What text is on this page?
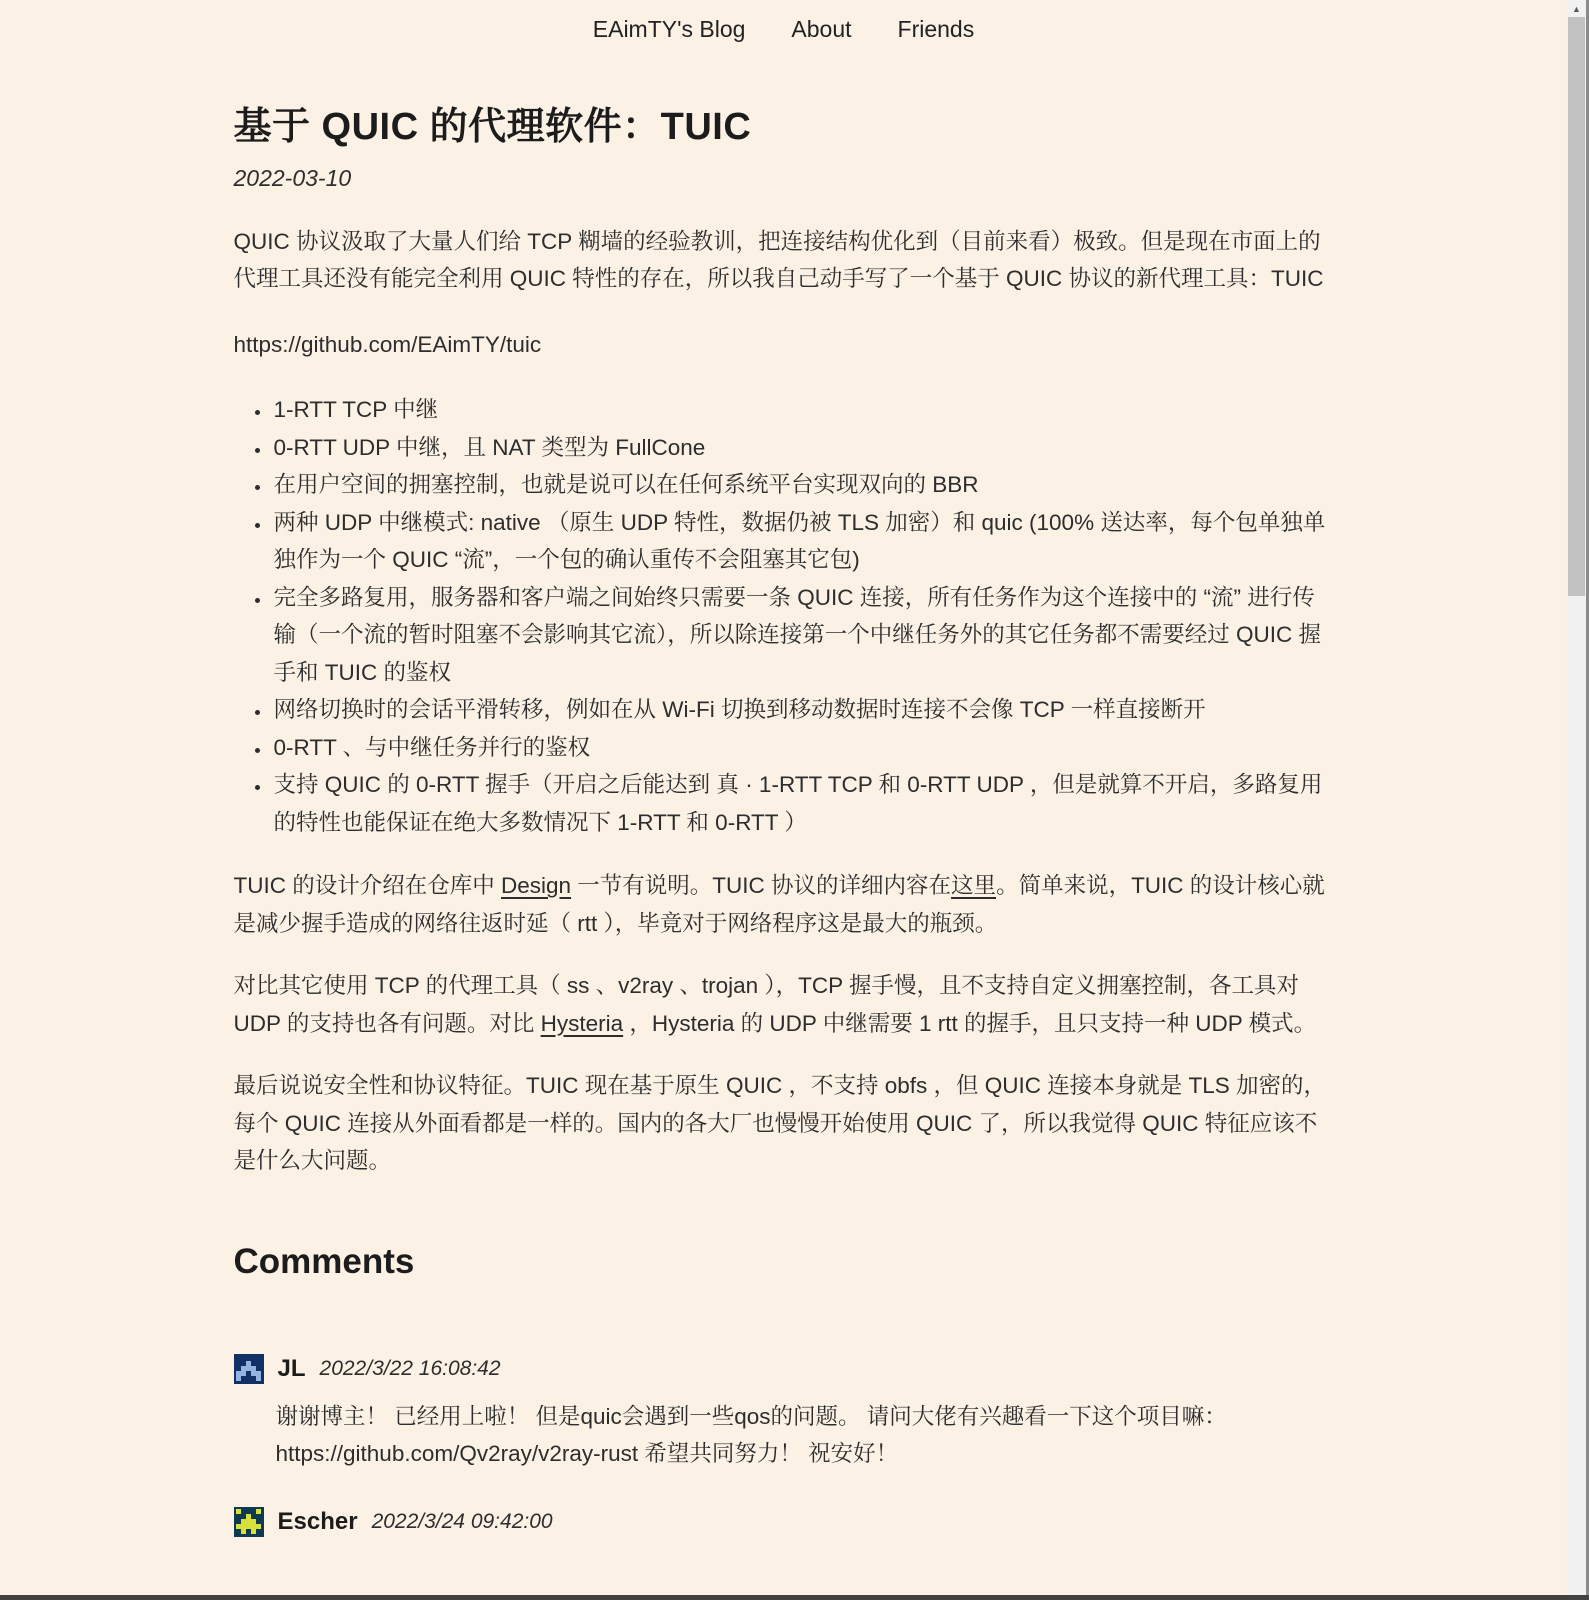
EAimTY's Blog About Friends
基于 QUIC 的代理软件：TUIC

2022-03-10

QUIC 协议汲取了大量人们给 TCP 糊墙的经验教训，把连接结构优化到（目前来看）极致。但是现在市面上的代理工具还没有能完全利用 QUIC 特性的存在，所以我自己动手写了一个基于 QUIC 协议的新代理工具：TUIC

https://github.com/EAimTY/tuic

• 1-RTT TCP 中继
• 0-RTT UDP 中继，且 NAT 类型为 FullCone
• 在用户空间的拥塞控制，也就是说可以在任何系统平台实现双向的 BBR
• 两种 UDP 中继模式: native （原生 UDP 特性，数据仍被 TLS 加密）和 quic (100% 送达率，每个包单独单独作为一个 QUIC “流”，一个包的确认重传不会阻塞其它包)
• 完全多路复用，服务器和客户端之间始终只需要一条 QUIC 连接，所有任务作为这个连接中的 “流” 进行传输（一个流的暂时阻塞不会影响其它流），所以除连接第一个中继任务外的其它任务都不需要经过 QUIC 握手和 TUIC 的鉴权
• 网络切换时的会话平滑转移，例如在从 Wi-Fi 切换到移动数据时连接不会像 TCP 一样直接断开
• 0-RTT 、与中继任务并行的鉴权
• 支持 QUIC 的 0-RTT 握手（开启之后能达到 真 · 1-RTT TCP 和 0-RTT UDP ，但是就算不开启，多路复用的特性也能保证在绝大多数情况下 1-RTT 和 0-RTT ）

TUIC 的设计介绍在仓库中 Design 一节有说明。TUIC 协议的详细内容在这里。简单来说，TUIC 的设计核心就是减少握手造成的网络往返时延（ rtt ），毕竟对于网络程序这是最大的瓶颈。

对比其它使用 TCP 的代理工具（ ss 、v2ray 、trojan ），TCP 握手慢，且不支持自定义拥塞控制，各工具对 UDP 的支持也各有问题。对比 Hysteria ，Hysteria 的 UDP 中继需要 1 rtt 的握手，且只支持一种 UDP 模式。

最后说说安全性和协议特征。TUIC 现在基于原生 QUIC ，不支持 obfs ，但 QUIC 连接本身就是 TLS 加密的，每个 QUIC 连接从外面看都是一样的。国内的各大厂也慢慢开始使用 QUIC 了，所以我觉得 QUIC 特征应该不是什么大问题。

Comments
JL 2022/3/22 16:08:42
谢谢博主！ 已经用上啦！ 但是quic会遇到一些qos的问题。 请问大佬有兴趣看一下这个项目嘛： https://github.com/Qv2ray/v2ray-rust 希望共同努力！ 祝安好！
Escher 2022/3/24 09:42:00
▲
